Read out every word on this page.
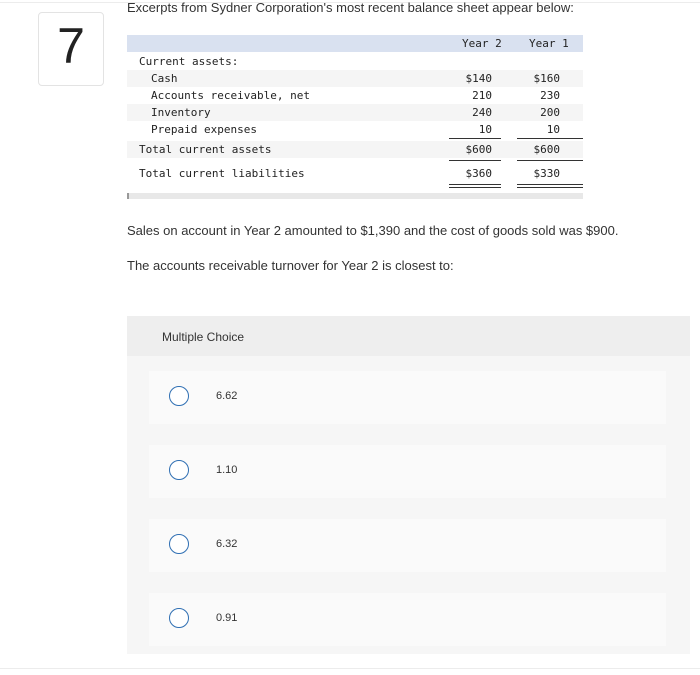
7
Excerpts from Sydner Corporation's most recent balance sheet appear below:
Year 2 Year 1
Current assets:
Cash	$140	$160
Accounts receivable, net	210	230
Inventory	240	200
Prepaid expenses	10	10
Total current assets	$600	$600
Total current liabilities	$360	$330
Sales on account in Year 2 amounted to $1,390 and the cost of goods sold was $900.
The accounts receivable turnover for Year 2 is closest to:
Multiple Choice
6.62
1.10
6.32
0.91
